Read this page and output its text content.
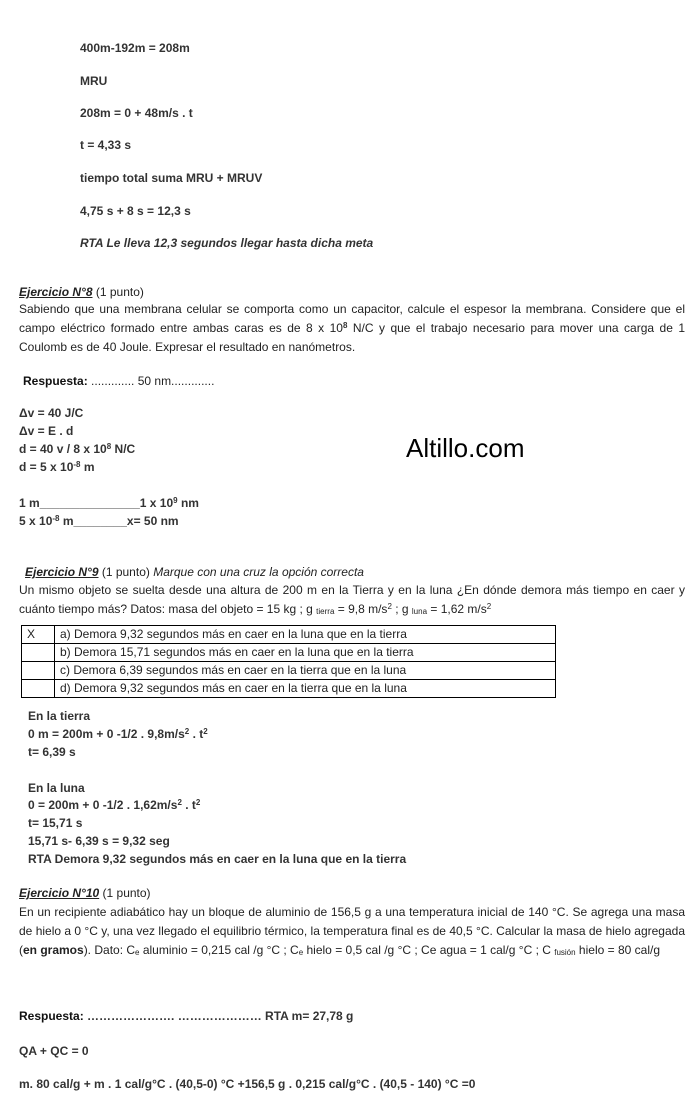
400m-192m = 208m
MRU
208m = 0 + 48m/s . t
t = 4,33 s
tiempo total suma MRU + MRUV
4,75 s + 8 s = 12,3 s
RTA Le lleva 12,3 segundos llegar hasta dicha meta
Ejercicio N°8 (1 punto)
Sabiendo que una membrana celular se comporta como un capacitor, calcule el espesor la membrana. Considere que el campo eléctrico formado entre ambas caras es de 8 x $10^8$ N/C y que el trabajo necesario para mover una carga de 1 Coulomb es de 40 Joule. Expresar el resultado en nanómetros.
Respuesta: ............. 50 nm.............
Δv = 40 J/C
Δv = E . d
d = 40 v / 8 x $10^8$ N/C
d = 5 x $10^{-8}$ m
1 m_______________1 x $10^9$ nm
5 x $10^{-8}$ m________x= 50 nm
Altillo.com
Ejercicio N°9 (1 punto) Marque con una cruz la opción correcta
Un mismo objeto se suelta desde una altura de 200 m en la Tierra y en la luna ¿En dónde demora más tiempo en caer y cuánto tiempo más? Datos: masa del objeto = 15 kg ; g $_{tierra}$ = 9,8 $m/s^2$ ; g $_{luna}$ = 1,62 $m/s^2$
X	a) Demora 9,32 segundos más en caer en la luna que en la tierra
	b) Demora 15,71 segundos más en caer en la luna que en la tierra
	c) Demora 6,39 segundos más en caer en la tierra que en la luna
	d) Demora 9,32 segundos más en caer en la tierra que en la luna
En la tierra
0 m = 200m + 0 -1/2 . $9,8m/s^2$ . $t^2$
t= 6,39 s
En la luna
0 = 200m + 0 -1/2 . $1,62m/s^2$ . $t^2$
t= 15,71 s
15,71 s- 6,39 s = 9,32 seg
RTA Demora 9,32 segundos más en caer en la luna que en la tierra
Ejercicio N°10 (1 punto)
En un recipiente adiabático hay un bloque de aluminio de 156,5 g a una temperatura inicial de 140 °C. Se agrega una masa de hielo a 0 °C y, una vez llegado el equilibrio térmico, la temperatura final es de 40,5 °C. Calcular la masa de hielo agregada (en gramos). Dato: $C_e$ aluminio = 0,215 cal /g °C ; $C_e$ hielo = 0,5 cal /g °C ; Ce agua = 1 cal/g °C ; C $_{fusión}$ hielo = 80 cal/g
Respuesta: …………………. ………………… RTA m= 27,78 g
QA + QC = 0
m. 80 cal/g + m . 1 cal/g°C . (40,5-0) °C +156,5 g . 0,215 cal/g°C . (40,5 - 140) °C =0
